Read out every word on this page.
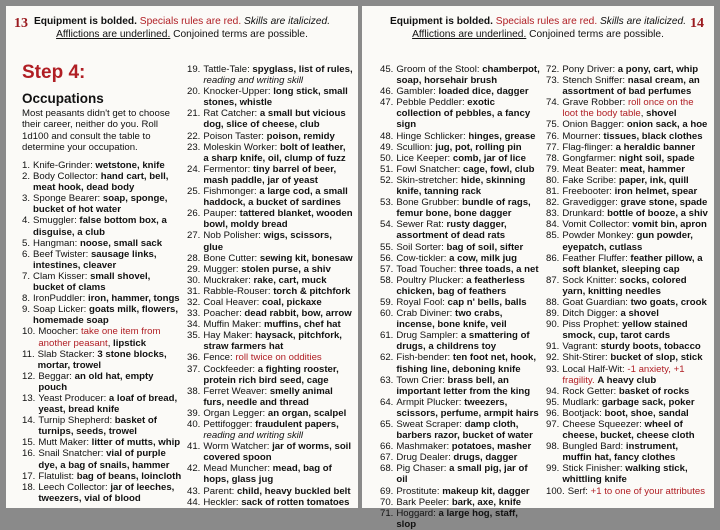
13 Equipment is bolded. Specials rules are red. Skills are italicized.
Afflictions are underlined. Conjoined terms are possible.
Step 4:
Occupations
Most peasants didn't get to choose their career, neither do you. Roll 1d100 and consult the table to determine your occupation.
1. Knife-Grinder: wetstone, knife
2. Body Collector: hand cart, bell, meat hook, dead body
3. Sponge Bearer: soap, sponge, bucket of hot water
4. Smuggler: false bottom box, a disguise, a club
5. Hangman: noose, small sack
6. Beef Twister: sausage links, intestines, cleaver
7. Clam Kisser: small shovel, bucket of clams
8. IronPuddler: iron, hammer, tongs
9. Soap Licker: goats milk, flowers, homemade soap
10. Moocher: take one item from another peasant, lipstick
11. Slab Stacker: 3 stone blocks, mortar, trowel
12. Beggar: an old hat, empty pouch
13. Yeast Producer: a loaf of bread, yeast, bread knife
14. Turnip Shepherd: basket of turnips, seeds, trowel
15. Mutt Maker: litter of mutts, whip
16. Snail Snatcher: vial of purple dye, a bag of snails, hammer
17. Flatulist: bag of beans, loincloth
18. Leech Collector: jar of leeches, tweezers, vial of blood
19. Tattle-Tale: spyglass, list of rules, reading and writing skill
20. Knocker-Upper: long stick, small stones, whistle
21. Rat Catcher: a small but vicious dog, slice of cheese, club
22. Poison Taster: poison, remidy
23. Moleskin Worker: bolt of leather, a sharp knife, oil, clump of fuzz
24. Fermentor: tiny barrel of beer, mash paddle, jar of yeast
25. Fishmonger: a large cod, a small haddock, a bucket of sardines
26. Pauper: tattered blanket, wooden bowl, moldy bread
27. Nob Polisher: wigs, scissors, glue
28. Bone Cutter: sewing kit, bonesaw
29. Mugger: stolen purse, a shiv
30. Muckraker: rake, cart, muck
31. Rabble-Rouser: torch & pitchfork
32. Coal Heaver: coal, pickaxe
33. Poacher: dead rabbit, bow, arrow
34. Muffin Maker: muffins, chef hat
35. Hay Maker: haysack, pitchfork, straw farmers hat
36. Fence: roll twice on oddities
37. Cockfeeder: a fighting rooster, protein rich bird seed, cage
38. Ferret Weaver: smelly animal furs, needle and thread
39. Organ Legger: an organ, scalpel
40. Pettifogger: fraudulent papers, reading and writing skill
41. Worm Watcher: jar of worms, soil covered spoon
42. Mead Muncher: mead, bag of hops, glass jug
43. Parent: child, heavy buckled belt
44. Heckler: sack of rotten tomatoes
14
Equipment is bolded. Specials rules are red. Skills are italicized.
Afflictions are underlined. Conjoined terms are possible.
45. Groom of the Stool: chamberpot, soap, horsehair brush
46. Gambler: loaded dice, dagger
47. Pebble Peddler: exotic collection of pebbles, a fancy sign
48. Hinge Schlicker: hinges, grease
49. Scullion: jug, pot, rolling pin
50. Lice Keeper: comb, jar of lice
51. Fowl Snatcher: cage, fowl, club
52. Skin-stretcher: hide, skinning knife, tanning rack
53. Bone Grubber: bundle of rags, femur bone, bone dagger
54. Sewer Rat: rusty dagger, assortment of dead rats
55. Soil Sorter: bag of soil, sifter
56. Cow-tickler: a cow, milk jug
57. Toad Toucher: three toads, a net
58. Poultry Plucker: a featherless chicken, bag of feathers
59. Royal Fool: cap n' bells, balls
60. Crab Diviner: two crabs, incense, bone knife, veil
61. Drug Sampler: a smattering of drugs, a childrens toy
62. Fish-bender: ten foot net, hook, fishing line, deboning knife
63. Town Crier: brass bell, an important letter from the king
64. Armpit Plucker: tweezers, scissors, perfume, armpit hairs
65. Sweat Scraper: damp cloth, barbers razor, bucket of water
66. Mashmaker: potatoes, masher
67. Drug Dealer: drugs, dagger
68. Pig Chaser: a small pig, jar of oil
69. Prostitute: makeup kit, dagger
70. Bark Peeler: bark, axe, knife
71. Hoggard: a large hog, staff, slop
72. Pony Driver: a pony, cart, whip
73. Stench Sniffer: nasal cream, an assortment of bad perfumes
74. Grave Robber: roll once on the loot the body table, shovel
75. Onion Bagger: onion sack, a hoe
76. Mourner: tissues, black clothes
77. Flag-flinger: a heraldic banner
78. Gongfarmer: night soil, spade
79. Meat Beater: meat, hammer
80. Fake Scribe: paper, ink, quill
81. Freebooter: iron helmet, spear
82. Gravedigger: grave stone, spade
83. Drunkard: bottle of booze, a shiv
84. Vomit Collector: vomit bin, apron
85. Powder Monkey: gun powder, eyepatch, cutlass
86. Feather Fluffer: feather pillow, a soft blanket, sleeping cap
87. Sock Knitter: socks, colored yarn, knitting needles
88. Goat Guardian: two goats, crook
89. Ditch Digger: a shovel
90. Piss Prophet: yellow stained smock, cup, tarot cards
91. Vagrant: sturdy boots, tobacco
92. Shit-Stirer: bucket of slop, stick
93. Local Half-Wit: -1 anxiety, +1 fragility. A heavy club
94. Rock Getter: basket of rocks
95. Mudlark: garbage sack, poker
96. Bootjack: boot, shoe, sandal
97. Cheese Squeezer: wheel of cheese, bucket, cheese cloth
98. Bungled Bard: instrument, muffin hat, fancy clothes
99. Stick Finisher: walking stick, whittling knife
100. Serf: +1 to one of your attributes
